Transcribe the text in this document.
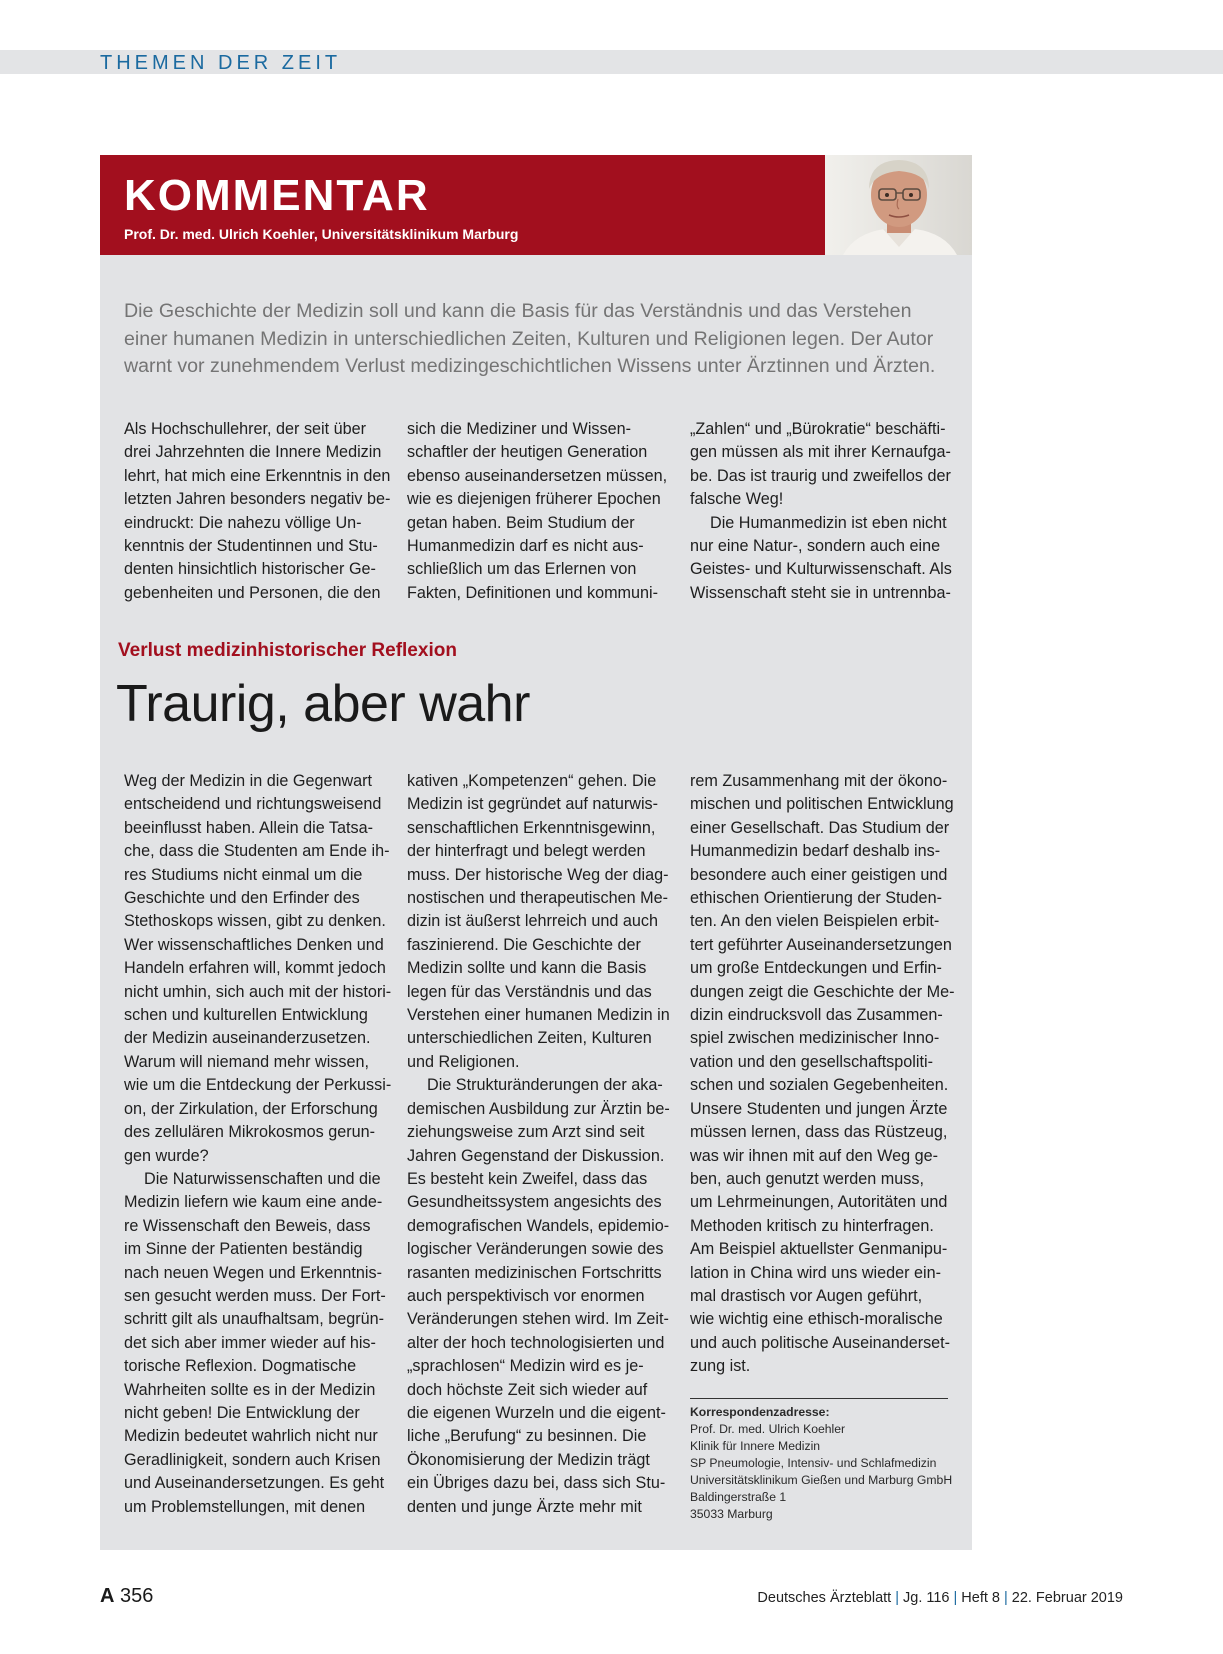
THEMEN DER ZEIT
KOMMENTAR
Prof. Dr. med. Ulrich Koehler, Universitätsklinikum Marburg

Die Geschichte der Medizin soll und kann die Basis für das Verständnis und das Verstehen einer humanen Medizin in unterschiedlichen Zeiten, Kulturen und Religionen legen. Der Autor warnt vor zunehmendem Verlust medizingeschichtlichen Wissens unter Ärztinnen und Ärzten.

Als Hochschullehrer, der seit über
drei Jahrzehnten die Innere Medizin
lehrt, hat mich eine Erkenntnis in den
letzten Jahren besonders negativ be-
eindruckt: Die nahezu völlige Un-
kenntnis der Studentinnen und Stu-
denten hinsichtlich historischer Ge-
gebenheiten und Personen, die den
sich die Mediziner und Wissen-
schaftler der heutigen Generation
ebenso auseinandersetzen müssen,
wie es diejenigen früherer Epochen
getan haben. Beim Studium der
Humanmedizin darf es nicht aus-
schließlich um das Erlernen von
Fakten, Definitionen und kommuni-
„Zahlen“ und „Bürokratie“ beschäfti-
gen müssen als mit ihrer Kernaufga-
be. Das ist traurig und zweifellos der
falsche Weg!
Die Humanmedizin ist eben nicht
nur eine Natur-, sondern auch eine
Geistes- und Kulturwissenschaft. Als
Wissenschaft steht sie in untrennba-
Verlust medizinhistorischer Reflexion
Traurig, aber wahr
Weg der Medizin in die Gegenwart
entscheidend und richtungsweisend
beeinflusst haben. Allein die Tatsa-
che, dass die Studenten am Ende ih-
res Studiums nicht einmal um die
Geschichte und den Erfinder des
Stethoskops wissen, gibt zu denken.
Wer wissenschaftliches Denken und
Handeln erfahren will, kommt jedoch
nicht umhin, sich auch mit der histori-
schen und kulturellen Entwicklung
der Medizin auseinanderzusetzen.
Warum will niemand mehr wissen,
wie um die Entdeckung der Perkussi-
on, der Zirkulation, der Erforschung
des zellulären Mikrokosmos gerun-
gen wurde?
Die Naturwissenschaften und die
Medizin liefern wie kaum eine ande-
re Wissenschaft den Beweis, dass
im Sinne der Patienten beständig
nach neuen Wegen und Erkenntnis-
sen gesucht werden muss. Der Fort-
schritt gilt als unaufhaltsam, begrün-
det sich aber immer wieder auf his-
torische Reflexion. Dogmatische
Wahrheiten sollte es in der Medizin
nicht geben! Die Entwicklung der
Medizin bedeutet wahrlich nicht nur
Geradlinigkeit, sondern auch Krisen
und Auseinandersetzungen. Es geht
um Problemstellungen, mit denen
kativen „Kompetenzen“ gehen. Die
Medizin ist gegründet auf naturwis-
senschaftlichen Erkenntnisgewinn,
der hinterfragt und belegt werden
muss. Der historische Weg der diag-
nostischen und therapeutischen Me-
dizin ist äußerst lehrreich und auch
faszinierend. Die Geschichte der
Medizin sollte und kann die Basis
legen für das Verständnis und das
Verstehen einer humanen Medizin in
unterschiedlichen Zeiten, Kulturen
und Religionen.
Die Strukturänderungen der aka-
demischen Ausbildung zur Ärztin be-
ziehungsweise zum Arzt sind seit
Jahren Gegenstand der Diskussion.
Es besteht kein Zweifel, dass das
Gesundheitssystem angesichts des
demografischen Wandels, epidemio-
logischer Veränderungen sowie des
rasanten medizinischen Fortschritts
auch perspektivisch vor enormen
Veränderungen stehen wird. Im Zeit-
alter der hoch technologisierten und
„sprachlosen“ Medizin wird es je-
doch höchste Zeit sich wieder auf
die eigenen Wurzeln und die eigent-
liche „Berufung“ zu besinnen. Die
Ökonomisierung der Medizin trägt
ein Übriges dazu bei, dass sich Stu-
denten und junge Ärzte mehr mit
rem Zusammenhang mit der ökono-
mischen und politischen Entwicklung
einer Gesellschaft. Das Studium der
Humanmedizin bedarf deshalb ins-
besondere auch einer geistigen und
ethischen Orientierung der Studen-
ten. An den vielen Beispielen erbit-
tert geführter Auseinandersetzungen
um große Entdeckungen und Erfin-
dungen zeigt die Geschichte der Me-
dizin eindrucksvoll das Zusammen-
spiel zwischen medizinischer Inno-
vation und den gesellschaftspoliti-
schen und sozialen Gegebenheiten.
Unsere Studenten und jungen Ärzte
müssen lernen, dass das Rüstzeug,
was wir ihnen mit auf den Weg ge-
ben, auch genutzt werden muss,
um Lehrmeinungen, Autoritäten und
Methoden kritisch zu hinterfragen.
Am Beispiel aktuellster Genmanipu-
lation in China wird uns wieder ein-
mal drastisch vor Augen geführt,
wie wichtig eine ethisch-moralische
und auch politische Auseinanderset-
zung ist.
Korrespondenzadresse:
Prof. Dr. med. Ulrich Koehler
Klinik für Innere Medizin
SP Pneumologie, Intensiv- und Schlafmedizin
Universitätsklinikum Gießen und Marburg GmbH
Baldingerstraße 1
35033 Marburg
A 356	Deutsches Ärzteblatt | Jg. 116 | Heft 8 | 22. Februar 2019
